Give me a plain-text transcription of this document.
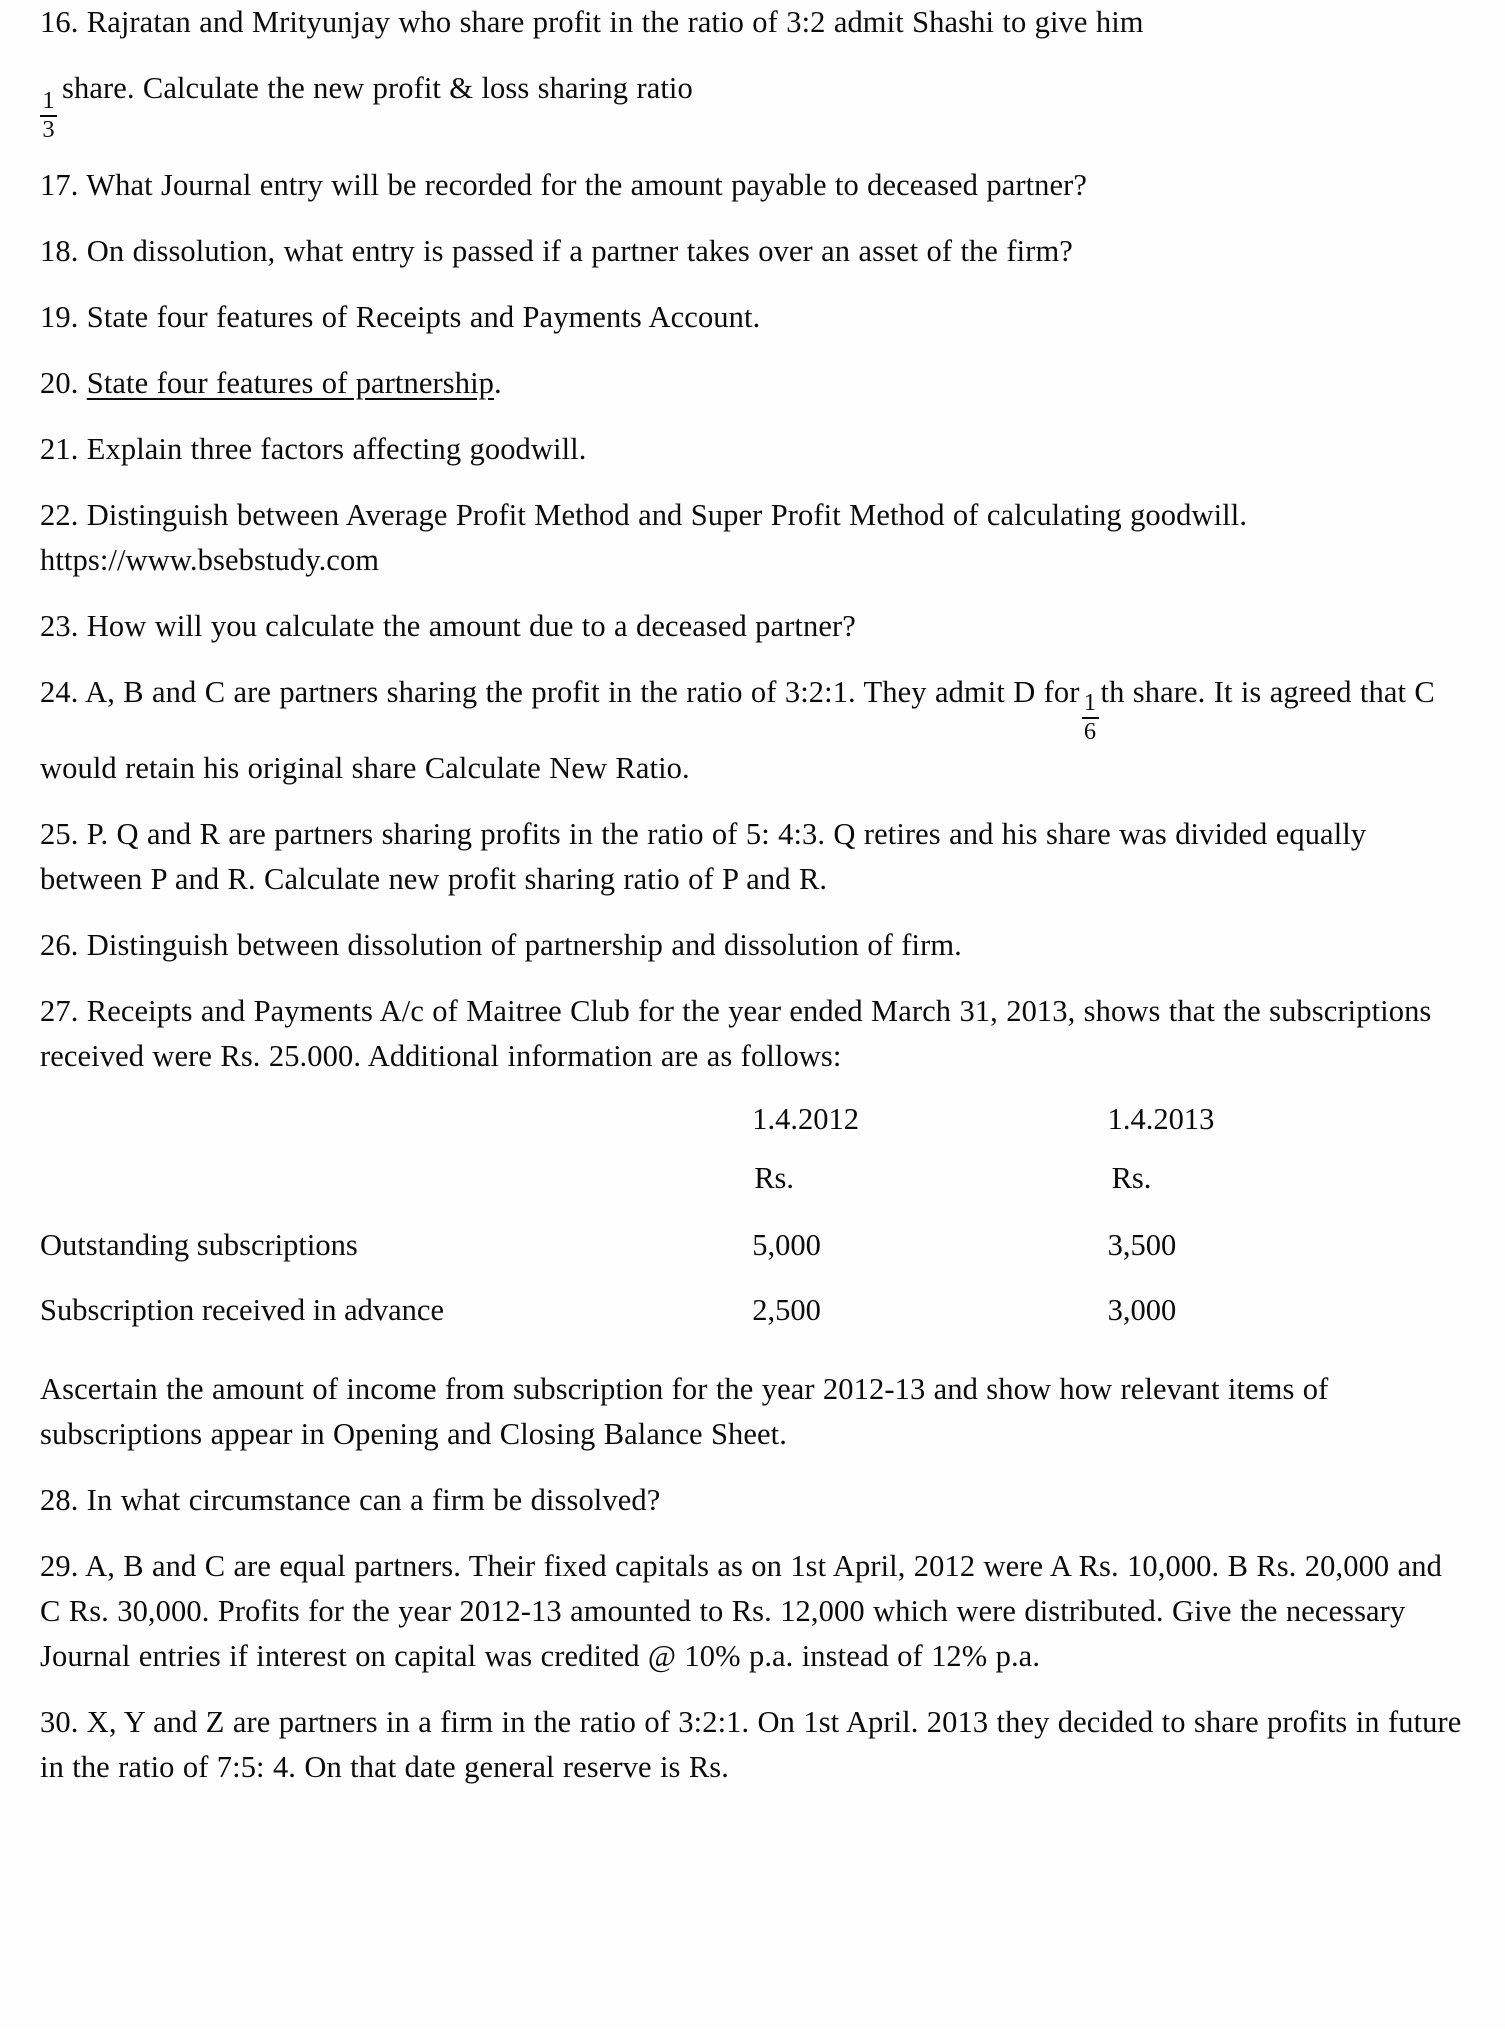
16. Rajratan and Mrityunjay who share profit in the ratio of 3:2 admit Shashi to give him

$\frac{1}{3}$
share. Calculate the new profit & loss sharing ratio

17. What Journal entry will be recorded for the amount payable to deceased partner?

18. On dissolution, what entry is passed if a partner takes over an asset of the firm?

19. State four features of Receipts and Payments Account.

20. State four features of partnership.

21. Explain three factors affecting goodwill.

22. Distinguish between Average Profit Method and Super Profit Method of calculating goodwill. https://www.bsebstudy.com

23. How will you calculate the amount due to a deceased partner?

24. A, B and C are partners sharing the profit in the ratio of 3:2:1. They admit D for $\frac{1}{6}$ th share. It is agreed that C would retain his original share Calculate New Ratio.

25. P. Q and R are partners sharing profits in the ratio of 5: 4:3. Q retires and his share was divided equally between P and R. Calculate new profit sharing ratio of P and R.

26. Distinguish between dissolution of partnership and dissolution of firm.

27. Receipts and Payments A/c of Maitree Club for the year ended March 31, 2013, shows that the subscriptions received were Rs. 25.000. Additional information are as follows:

	1.4.2012	1.4.2013
	Rs.	Rs.
Outstanding subscriptions	5,000	3,500
Subscription received in advance	2,500	3,000

Ascertain the amount of income from subscription for the year 2012-13 and show how relevant items of subscriptions appear in Opening and Closing Balance Sheet.

28. In what circumstance can a firm be dissolved?

29. A, B and C are equal partners. Their fixed capitals as on 1st April, 2012 were A Rs. 10,000. B Rs. 20,000 and C Rs. 30,000. Profits for the year 2012-13 amounted to Rs. 12,000 which were distributed. Give the necessary Journal entries if interest on capital was credited @ 10% p.a. instead of 12% p.a.

30. X, Y and Z are partners in a firm in the ratio of 3:2:1. On 1st April. 2013 they decided to share profits in future in the ratio of 7:5: 4. On that date general reserve is Rs.
